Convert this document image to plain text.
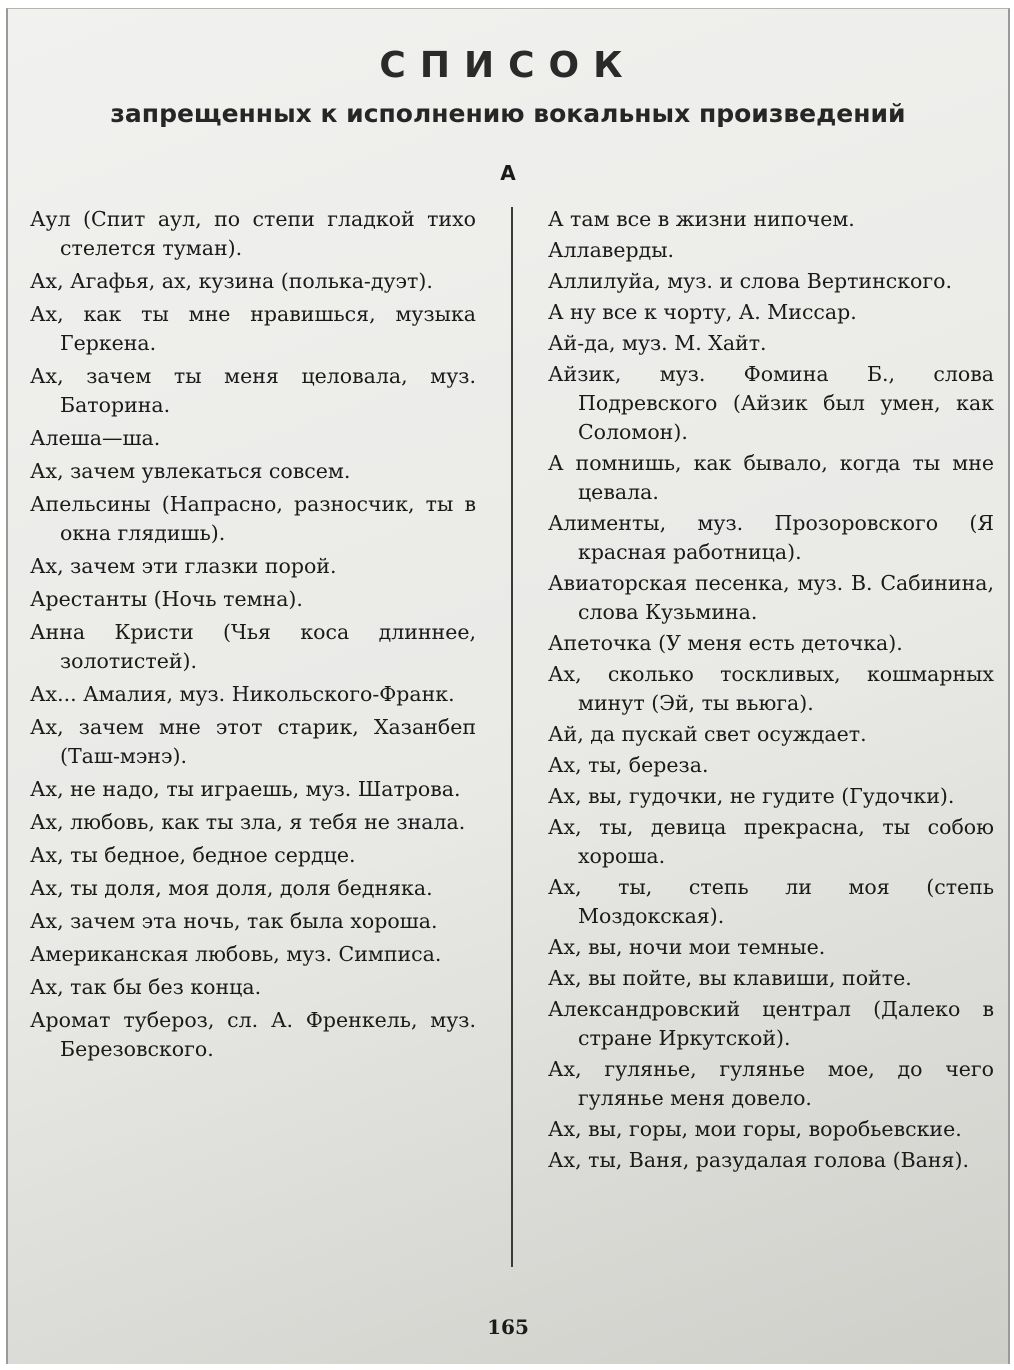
СПИСОК
запрещенных к исполнению вокальных произведений
А

Аул (Спит аул, по степи гладкой тихо стелется туман).

Ах, Агафья, ах, кузина (полька-дуэт).

Ах, как ты мне нравишься, музыка Геркена.

Ах, зачем ты меня целовала, муз. Баторина.

Алеша—ша.

Ах, зачем увлекаться совсем.

Апельсины (Напрасно, разносчик, ты в окна глядишь).

Ах, зачем эти глазки порой.

Арестанты (Ночь темна).

Анна Кристи (Чья коса длиннее, золотистей).

Ах... Амалия, муз. Никольского-Франк.

Ах, зачем мне этот старик, Хазанбеп (Таш-мэнэ).

Ах, не надо, ты играешь, муз. Шатрова.

Ах, любовь, как ты зла, я тебя не знала.

Ах, ты бедное, бедное сердце.

Ах, ты доля, моя доля, доля бедняка.

Ах, зачем эта ночь, так была хороша.

Американская любовь, муз. Симписа.

Ах, так бы без конца.

Аромат тубероз, сл. А. Френкель, муз. Березовского.

А там все в жизни нипочем.

Аллаверды.

Аллилуйа, муз. и слова Вертинского.

А ну все к чорту, А. Миссар.

Ай-да, муз. М. Хайт.

Айзик, муз. Фомина Б., слова Подревского (Айзик был умен, как Соломон).

А помнишь, как бывало, когда ты мне цевала.

Алименты, муз. Прозоровского (Я красная работница).

Авиаторская песенка, муз. В. Сабинина, слова Кузьмина.

Апеточка (У меня есть деточка).

Ах, сколько тоскливых, кошмарных минут (Эй, ты вьюга).

Ай, да пускай свет осуждает.

Ах, ты, береза.

Ах, вы, гудочки, не гудите (Гудочки).

Ах, ты, девица прекрасна, ты собою хороша.

Ах, ты, степь ли моя (степь Моздокская).

Ах, вы, ночи мои темные.

Ах, вы пойте, вы клавиши, пойте.

Александровский централ (Далеко в стране Иркутской).

Ах, гулянье, гулянье мое, до чего гулянье меня довело.

Ах, вы, горы, мои горы, воробьевские.

Ах, ты, Ваня, разудалая голова (Ваня).

165
